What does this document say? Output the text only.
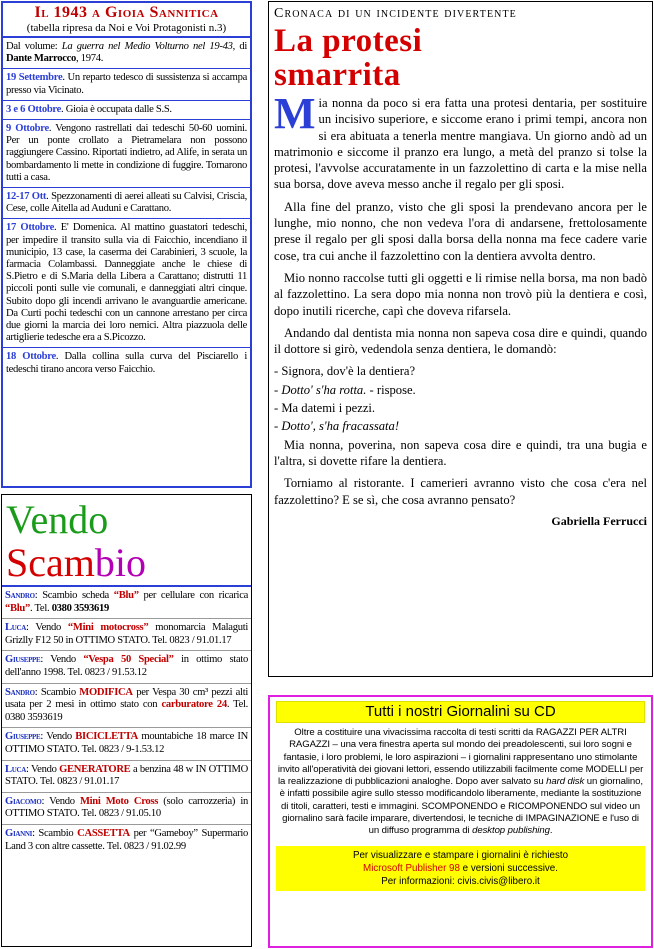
Il 1943 a Gioia Sannitica
(tabella ripresa da Noi e Voi Protagonisti n.3)
Dal volume: La guerra nel Medio Volturno nel 19-43, di Dante Marrocco, 1974.
19 Settembre. Un reparto tedesco di sussistenza si accampa presso via Vicinato.
3 e 6 Ottobre. Gioia è occupata dalle S.S.
9 Ottobre. Vengono rastrellati dai tedeschi 50-60 uomini. Per un ponte crollato a Pietramelara non possono raggiungere Cassino. Riportati indietro, ad Alife, in serata un bombardamento li mette in condizione di fuggire. Tornarono tutti a casa.
12-17 Ott. Spezzonamenti di aerei alleati su Calvisi, Criscia, Cese, colle Aitella ad Auduni e Carattano.
17 Ottobre. E' Domenica. Al mattino guastatori tedeschi, per impedire il transito sulla via di Faicchio, incendiano il municipio, 13 case, la caserma dei Carabinieri, 3 scuole, la farmacia Colambassi. Danneggiate anche le chiese di S.Pietro e di S.Maria della Libera a Carattano; distrutti 11 piccoli ponti sulle vie comunali, e danneggiati altri cinque. Subito dopo gli incendi arrivano le avanguardie americane. Da Curti pochi tedeschi con un cannone arrestano per circa due giorni la marcia dei loro nemici. Altra piazzuola delle artiglierie tedesche era a S.Picozzo.
18 Ottobre. Dalla collina sulla curva del Pisciarello i tedeschi tirano ancora verso Faicchio.
Vendo
Scambio
Sandro: Scambio scheda “Blu” per cellulare con ricarica “Blu”. Tel. 0380 3593619
Luca: Vendo “Mini motocross” monomarcia Malaguti Grizlly F12 50 in OTTIMO STATO. Tel. 0823 / 91.01.17
Giuseppe: Vendo “Vespa 50 Special” in ottimo stato dell'anno 1998. Tel. 0823 / 91.53.12
Sandro: Scambio MODIFICA per Vespa 30 cm³ pezzi alti usata per 2 mesi in ottimo stato con carburatore 24. Tel. 0380 3593619
Giuseppe: Vendo BICICLETTA mountabiche 18 marce IN OTTIMO STATO. Tel. 0823 / 9-1.53.12
Luca: Vendo GENERATORE a benzina 48 w IN OTTIMO STATO. Tel. 0823 / 91.01.17
Giacomo: Vendo Mini Moto Cross (solo carrozzeria) in OTTIMO STATO. Tel. 0823 / 91.05.10
Gianni: Scambio CASSETTA per “Gameboy” Supermario Land 3 con altre cassette. Tel. 0823 / 91.02.99
Cronaca di un incidente divertente
La protesi
smarrita

Mia nonna da poco si era fatta una protesi dentaria, per sostituire un incisivo superiore, e siccome erano i primi tempi, ancora non si era abituata a tenerla mentre mangiava. Un giorno andò ad un matrimonio e siccome il pranzo era lungo, a metà del pranzo si tolse la protesi, l'avvolse accuratamente in un fazzolettino di carta e la mise nella sua borsa, dove aveva messo anche il regalo per gli sposi.

Alla fine del pranzo, visto che gli sposi la prendevano ancora per le lunghe, mio nonno, che non vedeva l'ora di andarsene, frettolosamente prese il regalo per gli sposi dalla borsa della nonna ma fece cadere varie cose, tra cui anche il fazzolettino con la dentiera avvolta dentro.

Mio nonno raccolse tutti gli oggetti e li rimise nella borsa, ma non badò al fazzolettino. La sera dopo mia nonna non trovò più la dentiera e così, dopo inutili ricerche, capì che doveva rifarsela.

Andando dal dentista mia nonna non sapeva cosa dire e quindi, quando il dottore si girò, vedendola senza dentiera, le domandò:

- Signora, dov'è la dentiera?

- Dotto' s'ha rotta. - rispose.

- Ma datemi i pezzi.

- Dotto', s'ha fracassata!

Mia nonna, poverina, non sapeva cosa dire e quindi, tra una bugia e l'altra, si dovette rifare la dentiera.

Torniamo al ristorante. I camerieri avranno visto che cosa c'era nel fazzolettino? E se sì, che cosa avranno pensato?

Gabriella Ferrucci
Tutti i nostri Giornalini su CD
Oltre a costituire una vivacissima raccolta di testi scritti da RAGAZZI PER ALTRI RAGAZZI – una vera finestra aperta sul mondo dei preadolescenti, sui loro sogni e fantasie, i loro problemi, le loro aspirazioni – i giornalini rappresentano uno stimolante invito all'operatività dei giovani lettori, essendo utilizzabili facilmente come MODELLI per la realizzazione di pubblicazioni analoghe. Dopo aver salvato su hard disk un giornalino, è infatti possibile agire sullo stesso modificandolo liberamente, mediante la sostituzione di titoli, caratteri, testi e immagini. SCOMPONENDO e RICOMPONENDO sul video un giornalino sarà facile imparare, divertendosi, le tecniche di IMPAGINAZIONE e l'uso di un diffuso programma di desktop publishing.
Per visualizzare e stampare i giornalini è richiesto
Microsoft Publisher 98 e versioni successive.
Per informazioni: civis.civis@libero.it
